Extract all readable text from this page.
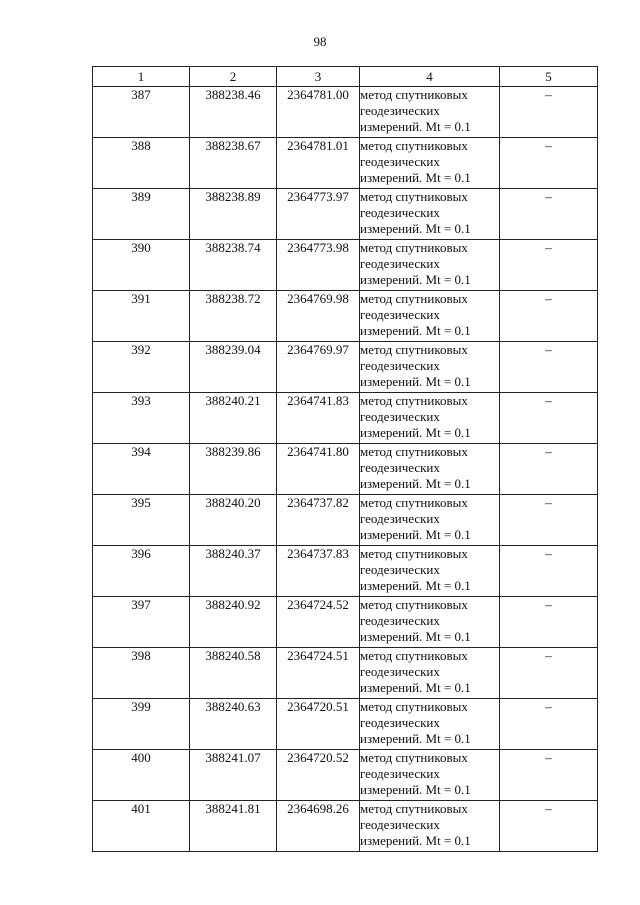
98
1	2	3	4	5
387	388238.46	2364781.00	метод спутниковых
геодезических
измерений. Mt = 0.1	–
388	388238.67	2364781.01	метод спутниковых
геодезических
измерений. Mt = 0.1	–
389	388238.89	2364773.97	метод спутниковых
геодезических
измерений. Mt = 0.1	–
390	388238.74	2364773.98	метод спутниковых
геодезических
измерений. Mt = 0.1	–
391	388238.72	2364769.98	метод спутниковых
геодезических
измерений. Mt = 0.1	–
392	388239.04	2364769.97	метод спутниковых
геодезических
измерений. Mt = 0.1	–
393	388240.21	2364741.83	метод спутниковых
геодезических
измерений. Mt = 0.1	–
394	388239.86	2364741.80	метод спутниковых
геодезических
измерений. Mt = 0.1	–
395	388240.20	2364737.82	метод спутниковых
геодезических
измерений. Mt = 0.1	–
396	388240.37	2364737.83	метод спутниковых
геодезических
измерений. Mt = 0.1	–
397	388240.92	2364724.52	метод спутниковых
геодезических
измерений. Mt = 0.1	–
398	388240.58	2364724.51	метод спутниковых
геодезических
измерений. Mt = 0.1	–
399	388240.63	2364720.51	метод спутниковых
геодезических
измерений. Mt = 0.1	–
400	388241.07	2364720.52	метод спутниковых
геодезических
измерений. Mt = 0.1	–
401	388241.81	2364698.26	метод спутниковых
геодезических
измерений. Mt = 0.1	–
